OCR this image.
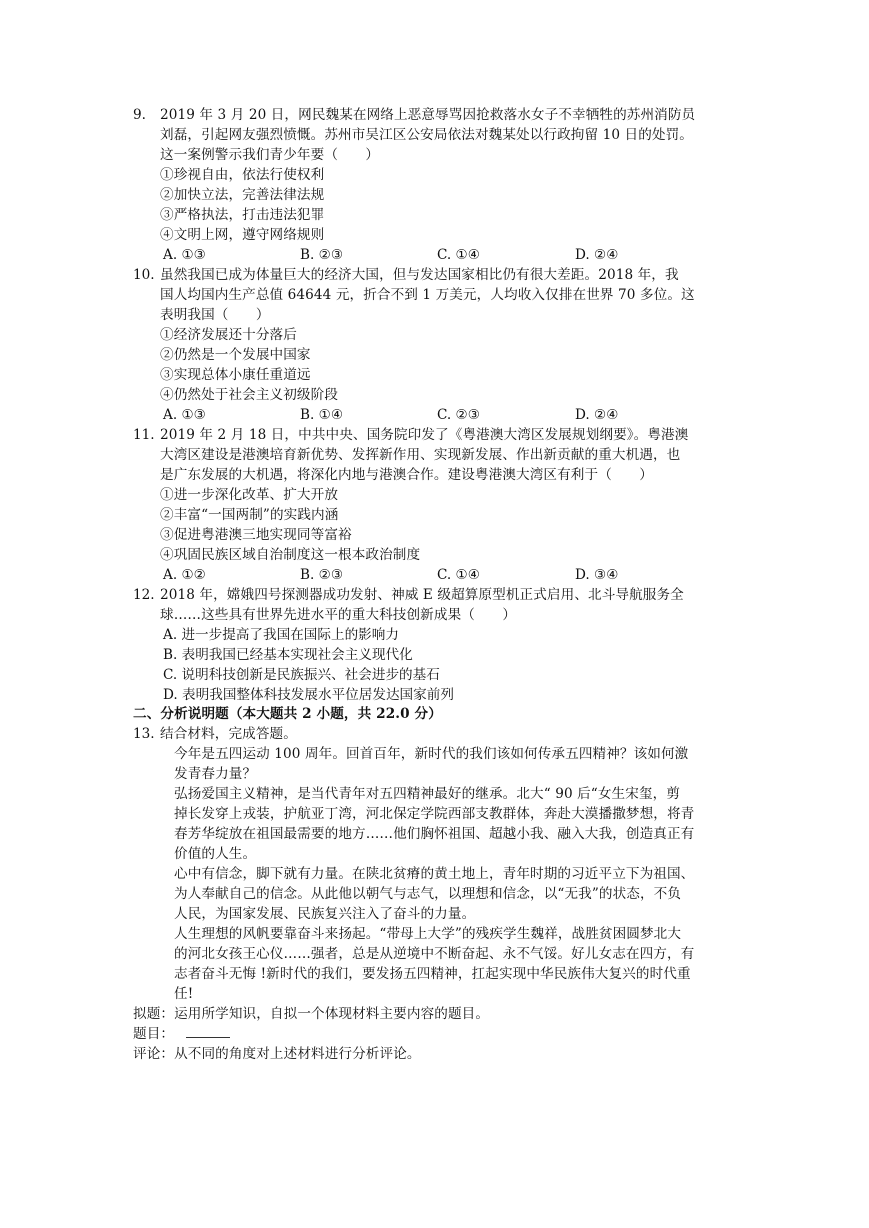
9. 2019 年 3 月 20 日，网民魏某在网络上恶意辱骂因抢救落水女子不幸牺牲的苏州消防员
刘磊，引起网友强烈愤慨。苏州市吴江区公安局依法对魏某处以行政拘留 10 日的处罚。
这一案例警示我们青少年要（　　）
①珍视自由，依法行使权利
②加快立法，完善法律法规
③严格执法，打击违法犯罪
④文明上网，遵守网络规则
A. ①③	B. ②③	C. ①④	D. ②④
10. 虽然我国已成为体量巨大的经济大国，但与发达国家相比仍有很大差距。2018 年，我
国人均国内生产总值 64644 元，折合不到 1 万美元，人均收入仅排在世界 70 多位。这
表明我国（　　）
①经济发展还十分落后
②仍然是一个发展中国家
③实现总体小康任重道远
④仍然处于社会主义初级阶段
A. ①③	B. ①④	C. ②③	D. ②④
11. 2019 年 2 月 18 日，中共中央、国务院印发了《粤港澳大湾区发展规划纲要》。粤港澳
大湾区建设是港澳培育新优势、发挥新作用、实现新发展、作出新贡献的重大机遇，也
是广东发展的大机遇，将深化内地与港澳合作。建设粤港澳大湾区有利于（　　）
①进一步深化改革、扩大开放
②丰富“一国两制”的实践内涵
③促进粤港澳三地实现同等富裕
④巩固民族区域自治制度这一根本政治制度
A. ①②	B. ②③	C. ①④	D. ③④
12. 2018 年，嫦娥四号探测器成功发射、神威 E 级超算原型机正式启用、北斗导航服务全
球……这些具有世界先进水平的重大科技创新成果（　　）
A. 进一步提高了我国在国际上的影响力
B. 表明我国已经基本实现社会主义现代化
C. 说明科技创新是民族振兴、社会进步的基石
D. 表明我国整体科技发展水平位居发达国家前列
二、分析说明题（本大题共 2 小题，共 22.0 分）
13. 结合材料，完成答题。
今年是五四运动 100 周年。回首百年，新时代的我们该如何传承五四精神？该如何激
发青春力量？
弘扬爱国主义精神，是当代青年对五四精神最好的继承。北大“ 90 后“女生宋玺，剪
掉长发穿上戎装，护航亚丁湾，河北保定学院西部支教群体，奔赴大漠播撒梦想，将青
春芳华绽放在祖国最需要的地方……他们胸怀祖国、超越小我、融入大我，创造真正有
价值的人生。
心中有信念，脚下就有力量。在陕北贫瘠的黄土地上，青年时期的习近平立下为祖国、
为人奉献自己的信念。从此他以朝气与志气，以理想和信念，以“无我”的状态，不负
人民，为国家发展、民族复兴注入了奋斗的力量。
人生理想的风帆要靠奋斗来扬起。“带母上大学”的残疾学生魏祥，战胜贫困圆梦北大
的河北女孩王心仪……强者，总是从逆境中不断奋起、永不气馁。好儿女志在四方，有
志者奋斗无悔 !新时代的我们，要发扬五四精神，扛起实现中华民族伟大复兴的时代重
任!
拟题：运用所学知识，自拟一个体现材料主要内容的题目。
题目：
评论：从不同的角度对上述材料进行分析评论。
